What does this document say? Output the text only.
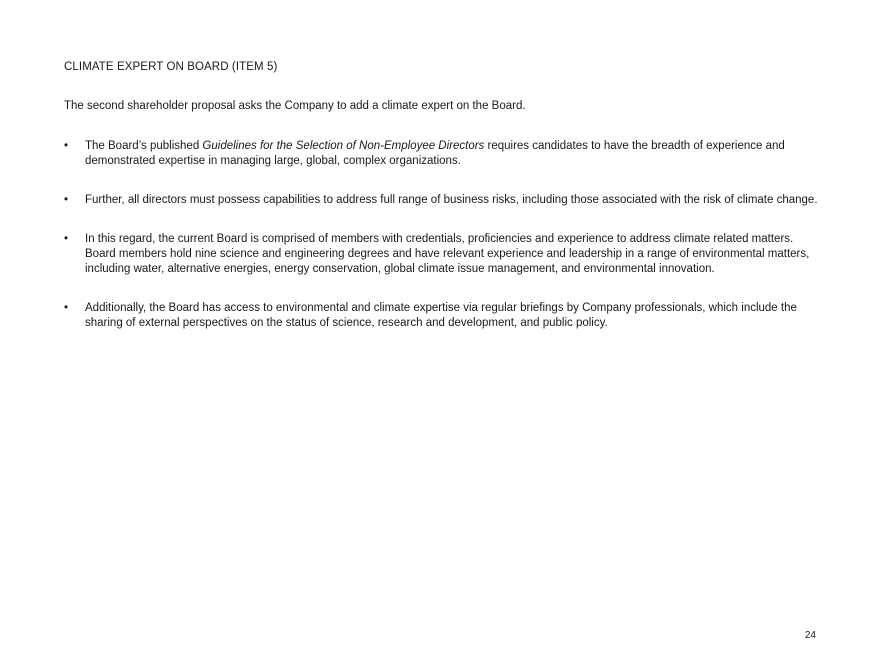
CLIMATE EXPERT ON BOARD (ITEM 5)
The second shareholder proposal asks the Company to add a climate expert on the Board.
•	The Board’s published Guidelines for the Selection of Non-Employee Directors requires candidates to have the breadth of experience and demonstrated expertise in managing large, global, complex organizations.
•	Further, all directors must possess capabilities to address full range of business risks, including those associated with the risk of climate change.
•	In this regard, the current Board is comprised of members with credentials, proficiencies and experience to address climate related matters. Board members hold nine science and engineering degrees and have relevant experience and leadership in a range of environmental matters, including water, alternative energies, energy conservation, global climate issue management, and environmental innovation.
•	Additionally, the Board has access to environmental and climate expertise via regular briefings by Company professionals, which include the sharing of external perspectives on the status of science, research and development, and public policy.
24
